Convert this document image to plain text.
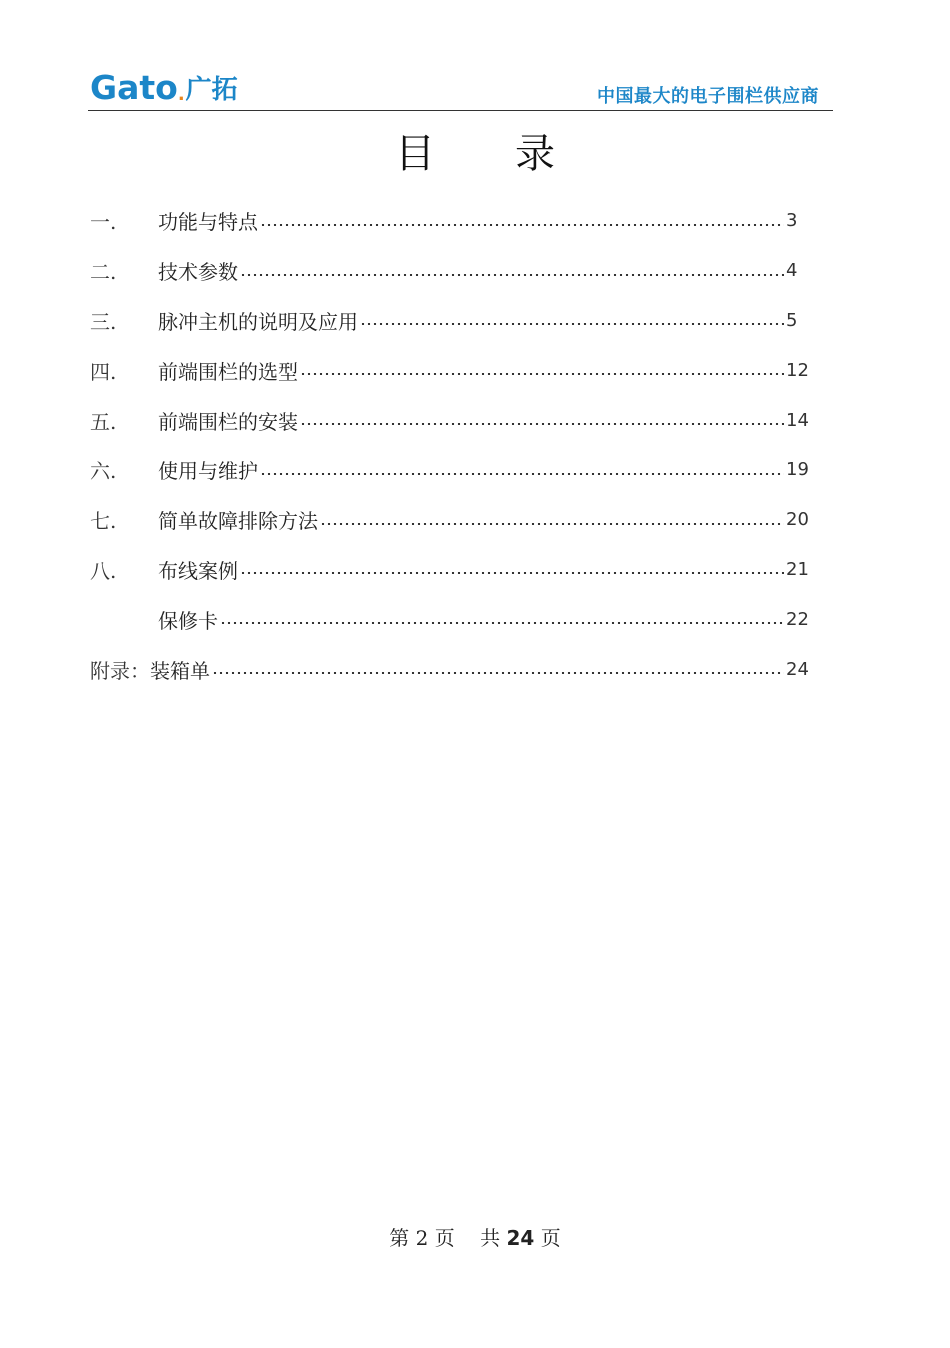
Gato . 广拓	中国最大的电子围栏供应商
目 录
一.	功能与特点	3
二.	技术参数	4
三.	脉冲主机的说明及应用	5
四.	前端围栏的选型	12
五.	前端围栏的安装	14
六.	使用与维护	19
七.	简单故障排除方法	20
八.	布线案例	21
保修卡	22
附录： 装箱单	24
第 2 页 共 24 页
